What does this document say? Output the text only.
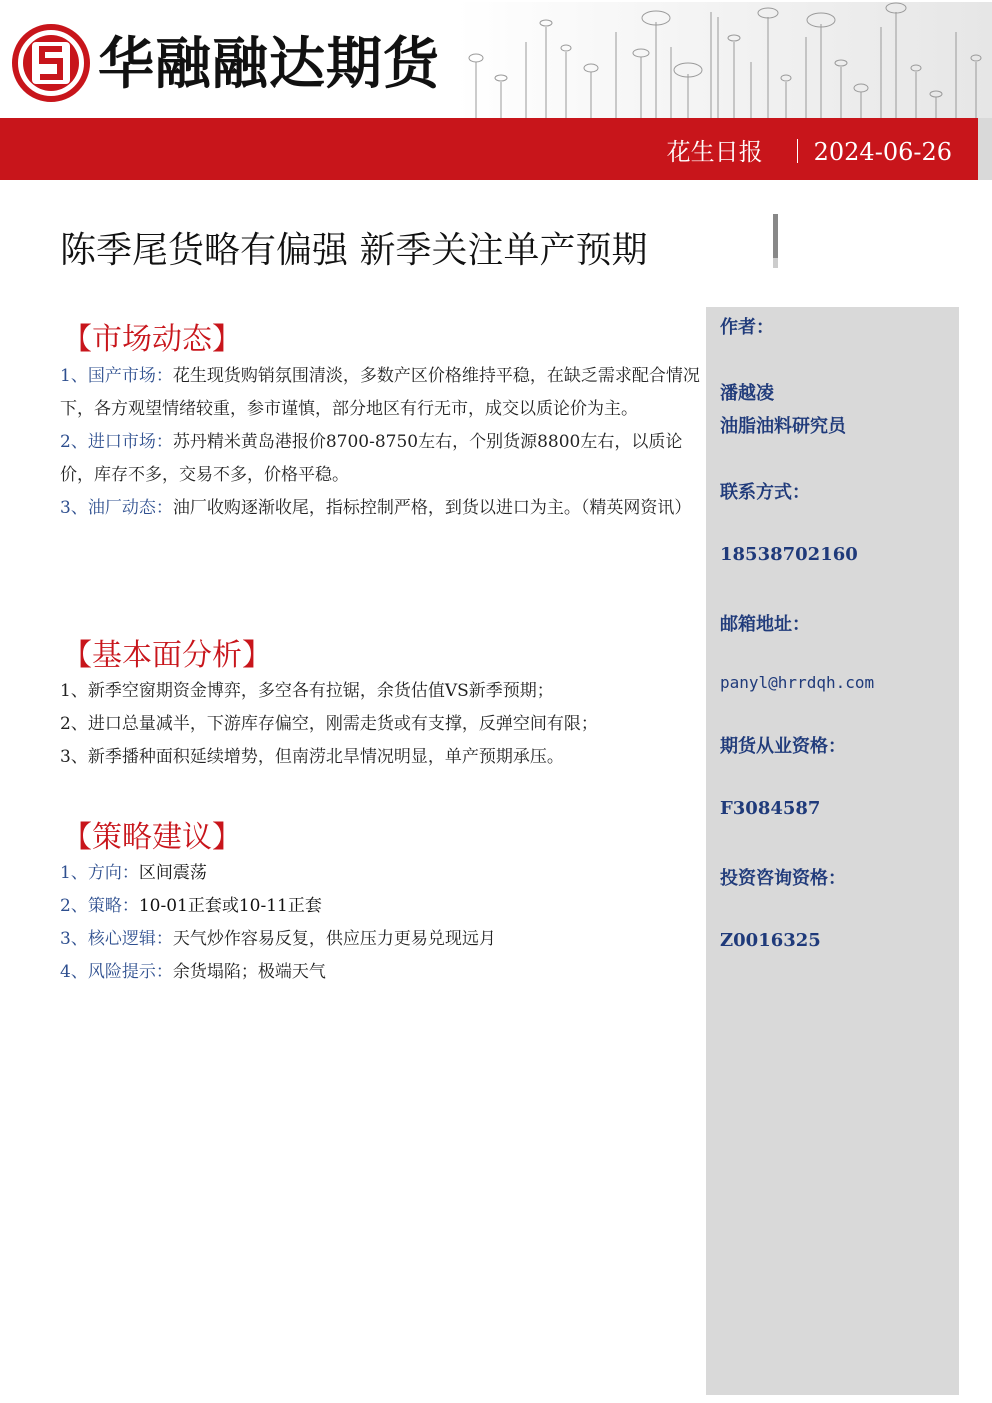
华融融达期货
花生日报 2024-06-26
陈季尾货略有偏强 新季关注单产预期
作者：
潘越凌
油脂油料研究员
联系方式：
18538702160
邮箱地址：
panyl@hrrdqh.com
期货从业资格：
F3084587
投资咨询资格：
Z0016325
【市场动态】
1、国产市场：花生现货购销氛围清淡，多数产区价格维持平稳，在缺乏需求配合情况下，各方观望情绪较重，参市谨慎，部分地区有行无市，成交以质论价为主。
2、进口市场：苏丹精米黄岛港报价8700-8750左右，个别货源8800左右，以质论价，库存不多，交易不多，价格平稳。
3、油厂动态：油厂收购逐渐收尾，指标控制严格，到货以进口为主。（精英网资讯）
【基本面分析】
1、新季空窗期资金博弈，多空各有拉锯，余货估值VS新季预期；
2、进口总量减半，下游库存偏空，刚需走货或有支撑，反弹空间有限；
3、新季播种面积延续增势，但南涝北旱情况明显，单产预期承压。
【策略建议】
1、方向：区间震荡
2、策略：10-01正套或10-11正套
3、核心逻辑：天气炒作容易反复，供应压力更易兑现远月
4、风险提示：余货塌陷；极端天气
